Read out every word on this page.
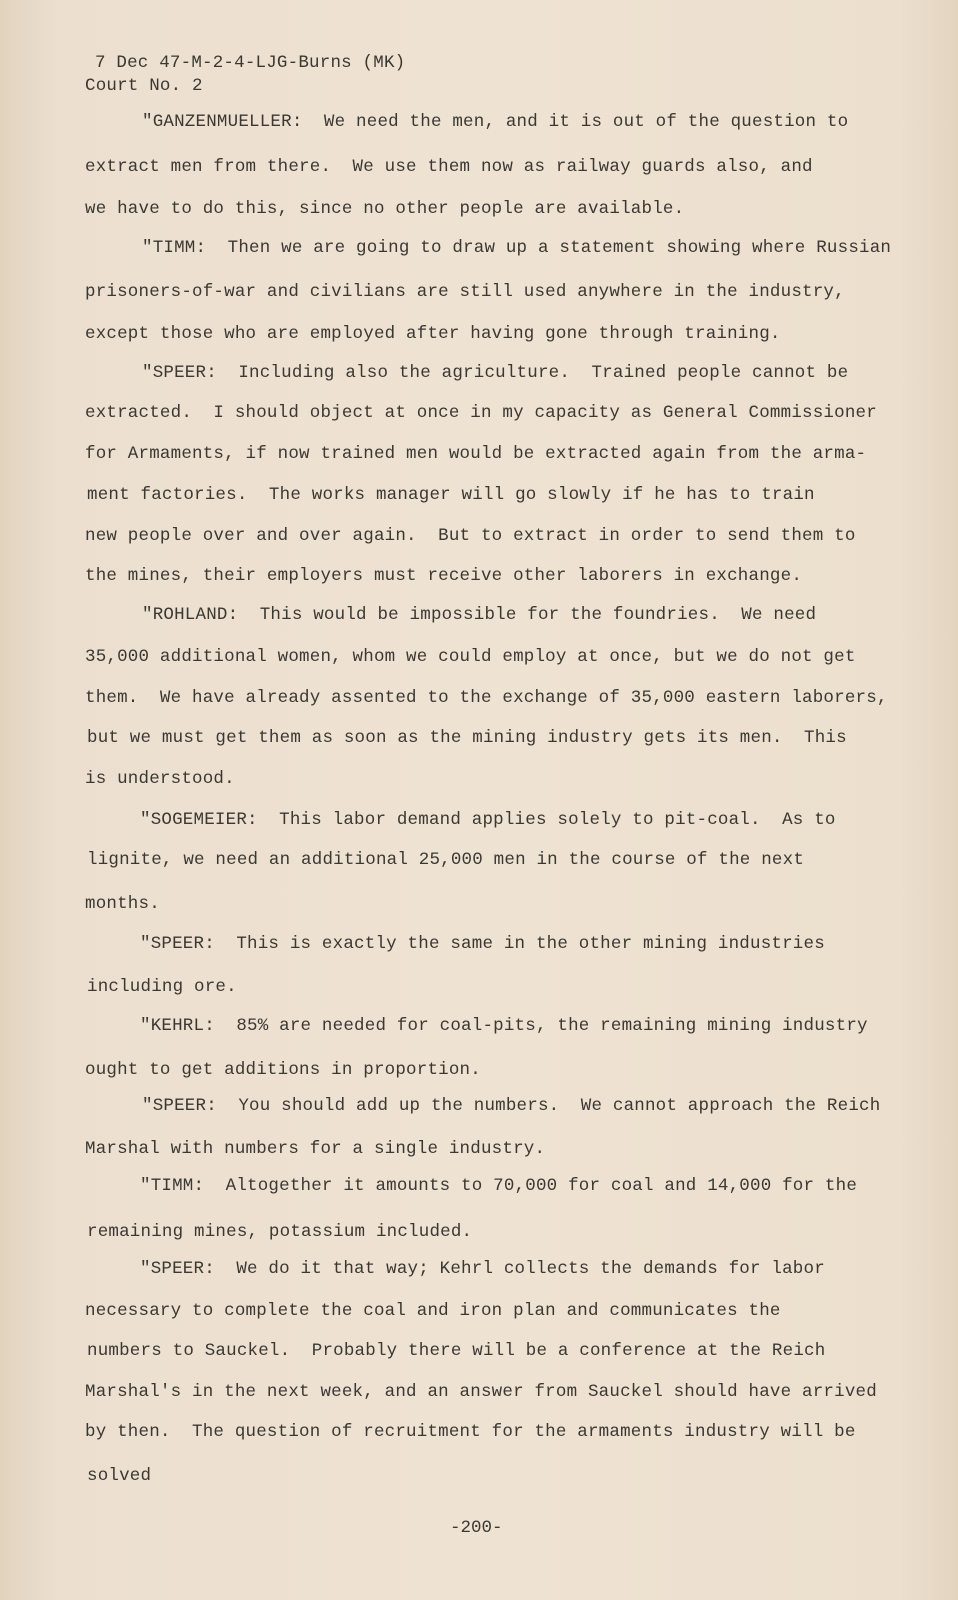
7 Dec 47-M-2-4-LJG-Burns (MK)
Court No. 2
"GANZENMUELLER:  We need the men, and it is out of the question to
extract men from there.  We use them now as railway guards also, and
we have to do this, since no other people are available.
"TIMM:  Then we are going to draw up a statement showing where Russian
prisoners-of-war and civilians are still used anywhere in the industry,
except those who are employed after having gone through training.
"SPEER:  Including also the agriculture.  Trained people cannot be
extracted.  I should object at once in my capacity as General Commissioner
for Armaments, if now trained men would be extracted again from the arma-
ment factories.  The works manager will go slowly if he has to train
new people over and over again.  But to extract in order to send them to
the mines, their employers must receive other laborers in exchange.
"ROHLAND:  This would be impossible for the foundries.  We need
35,000 additional women, whom we could employ at once, but we do not get
them.  We have already assented to the exchange of 35,000 eastern laborers,
but we must get them as soon as the mining industry gets its men.  This
is understood.
"SOGEMEIER:  This labor demand applies solely to pit-coal.  As to
lignite, we need an additional 25,000 men in the course of the next
months.
"SPEER:  This is exactly the same in the other mining industries
including ore.
"KEHRL:  85% are needed for coal-pits, the remaining mining industry
ought to get additions in proportion.
"SPEER:  You should add up the numbers.  We cannot approach the Reich
Marshal with numbers for a single industry.
"TIMM:  Altogether it amounts to 70,000 for coal and 14,000 for the
remaining mines, potassium included.
"SPEER:  We do it that way; Kehrl collects the demands for labor
necessary to complete the coal and iron plan and communicates the
numbers to Sauckel.  Probably there will be a conference at the Reich
Marshal's in the next week, and an answer from Sauckel should have arrived
by then.  The question of recruitment for the armaments industry will be
solved
-200-
